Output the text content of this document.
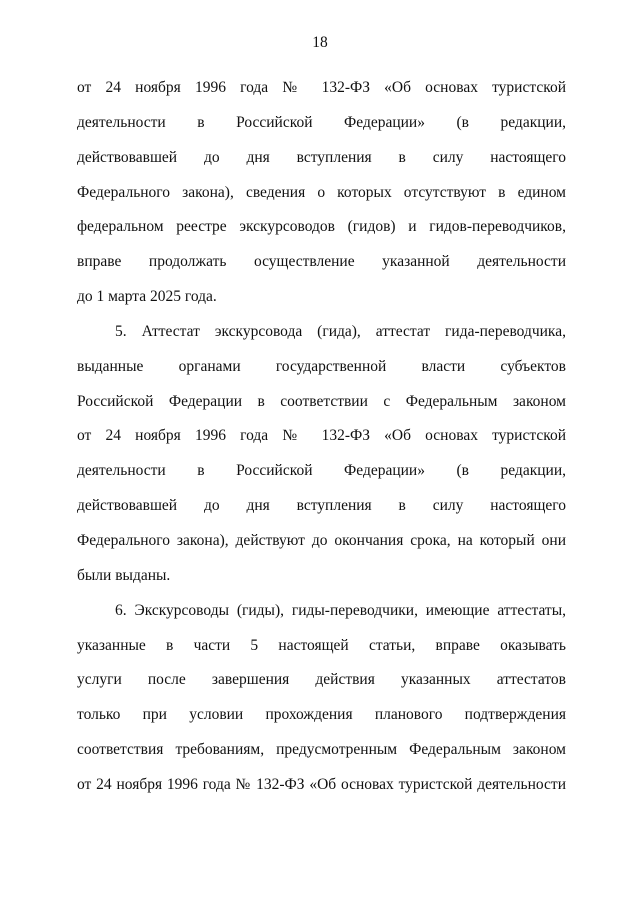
18
от 24 ноября 1996 года № 132-ФЗ «Об основах туристской
деятельности в Российской Федерации» (в редакции,
действовавшей до дня вступления в силу настоящего
Федерального закона), сведения о которых отсутствуют в едином
федеральном реестре экскурсоводов (гидов) и гидов-переводчиков,
вправе продолжать осуществление указанной деятельности
до 1 марта 2025 года.
5. Аттестат экскурсовода (гида), аттестат гида-переводчика,
выданные органами государственной власти субъектов
Российской Федерации в соответствии с Федеральным законом
от 24 ноября 1996 года № 132-ФЗ «Об основах туристской
деятельности в Российской Федерации» (в редакции,
действовавшей до дня вступления в силу настоящего
Федерального закона), действуют до окончания срока, на который они
были выданы.
6. Экскурсоводы (гиды), гиды-переводчики, имеющие аттестаты,
указанные в части 5 настоящей статьи, вправе оказывать
услуги после завершения действия указанных аттестатов
только при условии прохождения планового подтверждения
соответствия требованиям, предусмотренным Федеральным законом
от 24 ноября 1996 года № 132-ФЗ «Об основах туристской деятельности
